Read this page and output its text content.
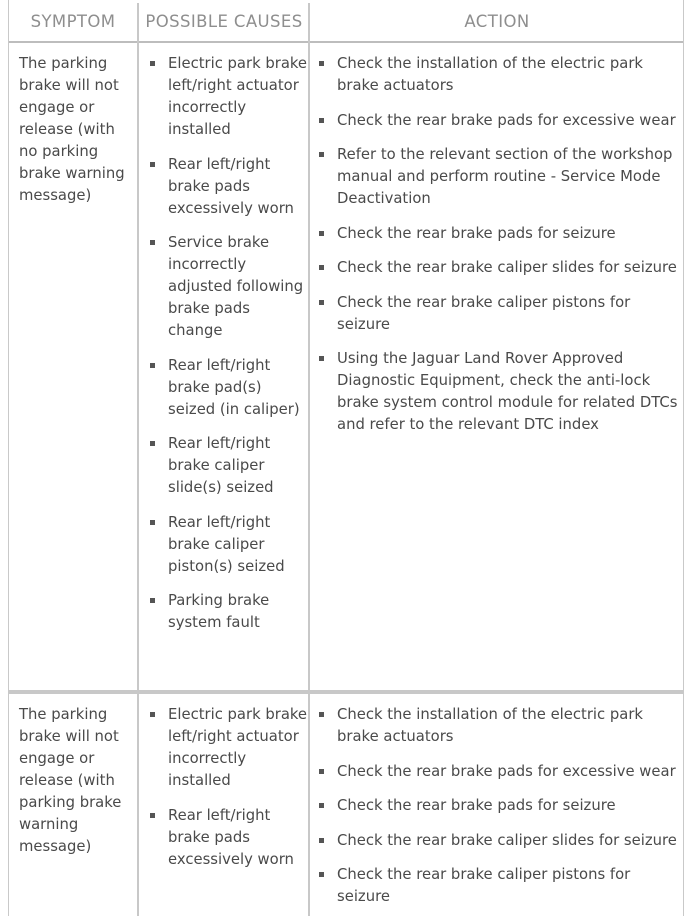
SYMPTOM	POSSIBLE CAUSES	ACTION
The parking brake will not engage or release (with no parking brake warning message)
Electric park brake left/right actuator incorrectly installed
Rear left/right brake pads excessively worn
Service brake incorrectly adjusted following brake pads change
Rear left/right brake pad(s) seized (in caliper)
Rear left/right brake caliper slide(s) seized
Rear left/right brake caliper piston(s) seized
Parking brake system fault
Check the installation of the electric park brake actuators
Check the rear brake pads for excessive wear
Refer to the relevant section of the workshop manual and perform routine - Service Mode Deactivation
Check the rear brake pads for seizure
Check the rear brake caliper slides for seizure
Check the rear brake caliper pistons for seizure
Using the Jaguar Land Rover Approved Diagnostic Equipment, check the anti-lock brake system control module for related DTCs and refer to the relevant DTC index
The parking brake will not engage or release (with parking brake warning message)
Electric park brake left/right actuator incorrectly installed
Rear left/right brake pads excessively worn
Check the installation of the electric park brake actuators
Check the rear brake pads for excessive wear
Check the rear brake pads for seizure
Check the rear brake caliper slides for seizure
Check the rear brake caliper pistons for seizure
